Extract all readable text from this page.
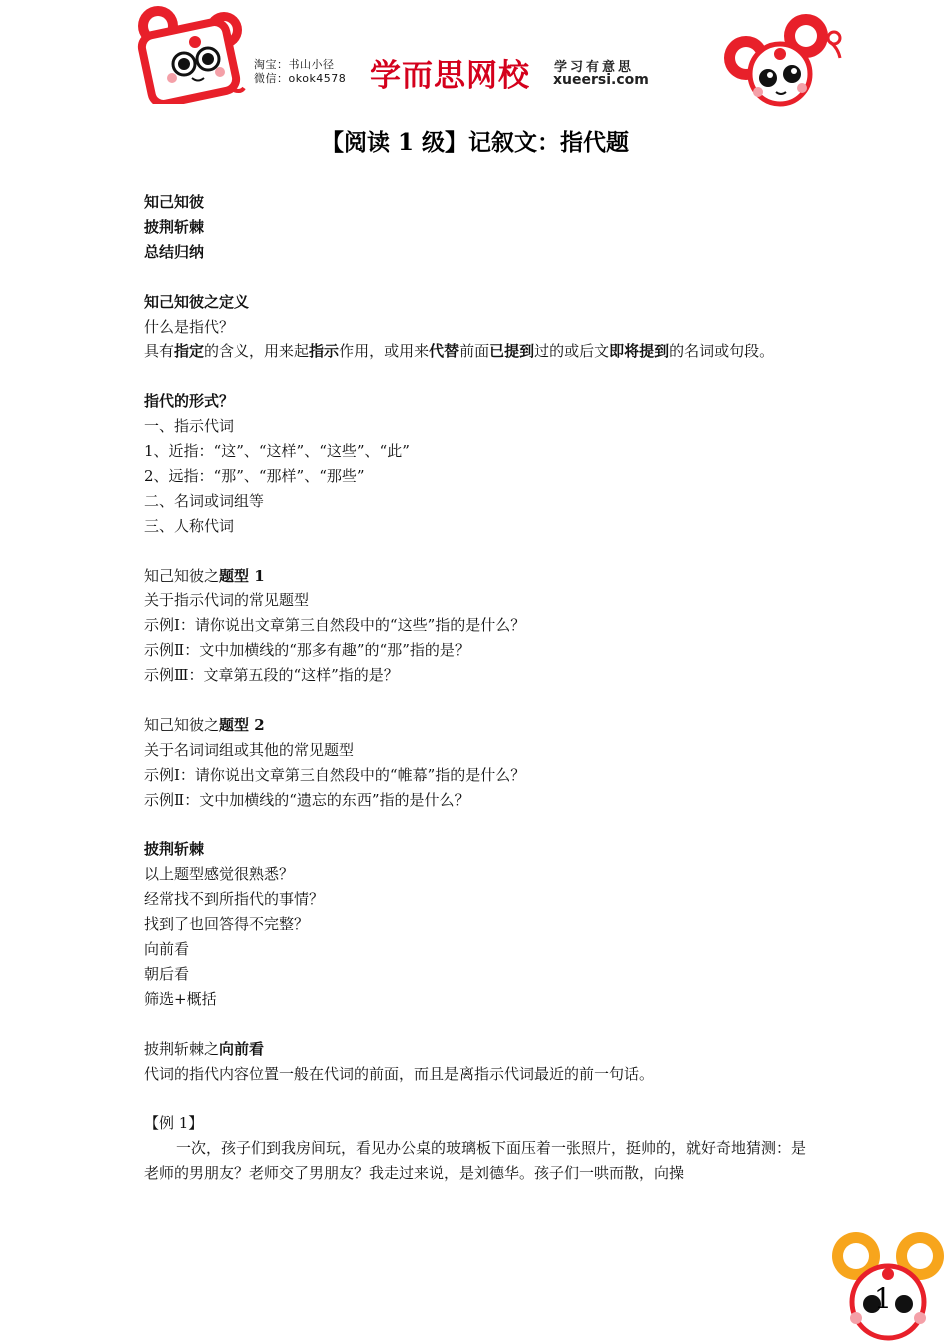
淘宝：书山小径
微信：okok4578 学而思网校 学习有意思
xueersi.com
【阅读 1 级】记叙文：指代题
知己知彼
披荆斩棘
总结归纳
知己知彼之定义
什么是指代？
具有指定的含义，用来起指示作用，或用来代替前面已提到过的或后文即将提到的名词或句段。
指代的形式？
一、指示代词
1、近指：“这”、“这样”、“这些”、“此”
2、远指：“那”、“那样”、“那些”
二、名词或词组等
三、人称代词
知己知彼之题型 1
关于指示代词的常见题型
示例Ⅰ：请你说出文章第三自然段中的“这些”指的是什么？
示例Ⅱ：文中加横线的“那多有趣”的“那”指的是？
示例Ⅲ：文章第五段的“这样”指的是？
知己知彼之题型 2
关于名词词组或其他的常见题型
示例Ⅰ：请你说出文章第三自然段中的“帷幕”指的是什么？
示例Ⅱ：文中加横线的“遗忘的东西”指的是什么？
披荆斩棘
以上题型感觉很熟悉？
经常找不到所指代的事情？
找到了也回答得不完整？
向前看
朝后看
筛选+概括
披荆斩棘之向前看
代词的指代内容位置一般在代词的前面，而且是离指示代词最近的前一句话。
【例 1】
一次，孩子们到我房间玩，看见办公桌的玻璃板下面压着一张照片，挺帅的，就好奇地猜测：是老师的男朋友？老师交了男朋友？我走过来说，是刘德华。孩子们一哄而散，向操
1
